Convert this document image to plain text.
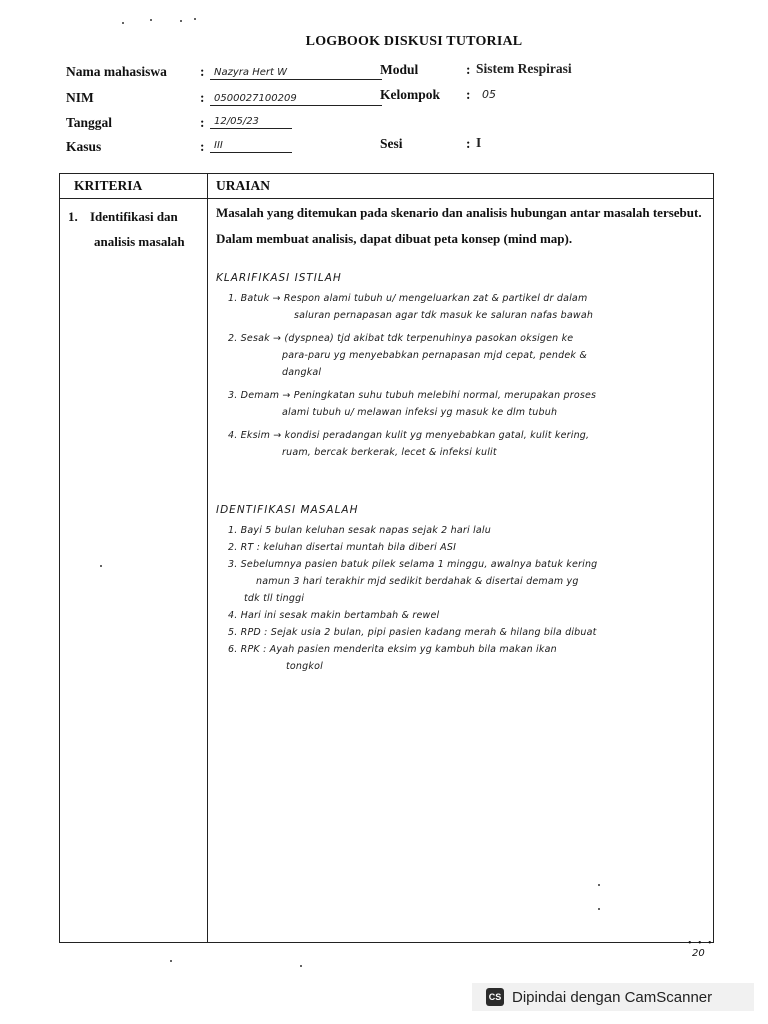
LOGBOOK DISKUSI TUTORIAL
Nama mahasiswa : Nazyra Hert W
NIM	: 0500027100209
Tanggal	: 12/05/23
Kasus	: III
Modul	: Sistem Respirasi
Kelompok :	05
Sesi	: I
KRITERIA	URAIAN
1. Identifikasi dan
analisis masalah
Masalah yang ditemukan pada skenario dan analisis hubungan antar masalah tersebut. Dalam membuat analisis, dapat dibuat peta konsep (mind map).
KLARIFIKASI ISTILAH
1. Batuk → Respon alami tubuh u/ mengeluarkan zat & partikel dr dalam
saluran pernapasan agar tdk masuk ke saluran nafas bawah
2. Sesak → (dyspnea) tjd akibat tdk terpenuhinya pasokan oksigen ke
para-paru yg menyebabkan pernapasan mjd cepat, pendek &
dangkal
3. Demam → Peningkatan suhu tubuh melebihi normal, merupakan proses
alami tubuh u/ melawan infeksi yg masuk ke dlm tubuh
4. Eksim → kondisi peradangan kulit yg menyebabkan gatal, kulit kering,
ruam, bercak berkerak, lecet & infeksi kulit
IDENTIFIKASI MASALAH
1. Bayi 5 bulan keluhan sesak napas sejak 2 hari lalu
2. RT : keluhan disertai muntah bila diberi ASI
3. Sebelumnya pasien batuk pilek selama 1 minggu, awalnya batuk kering
namun 3 hari terakhir mjd sedikit berdahak & disertai demam yg
tdk tll tinggi
4. Hari ini sesak makin bertambah & rewel
5. RPD : Sejak usia 2 bulan, pipi pasien kadang merah & hilang bila dibuat
6. RPK : Ayah pasien menderita eksim yg kambuh bila makan ikan
tongkol
• • •
20
CS Dipindai dengan CamScanner
